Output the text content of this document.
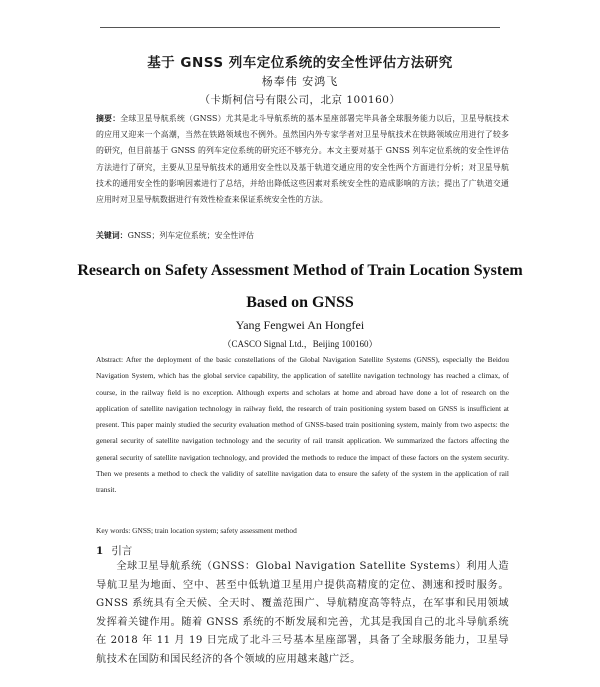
基于 GNSS 列车定位系统的安全性评估方法研究
杨奉伟 安鸿飞
（卡斯柯信号有限公司，北京 100160）
摘要：全球卫星导航系统（GNSS）尤其是北斗导航系统的基本星座部署完毕具备全球服务能力以后，卫星导航技术的应用又迎来一个高潮，当然在铁路领域也不例外。虽然国内外专家学者对卫星导航技术在铁路领域应用进行了较多的研究，但目前基于 GNSS 的列车定位系统的研究还不够充分。本文主要对基于 GNSS 列车定位系统的安全性评估方法进行了研究，主要从卫星导航技术的通用安全性以及基于轨道交通应用的安全性两个方面进行分析；对卫星导航技术的通用安全性的影响因素进行了总结，并给出降低这些因素对系统安全性的造成影响的方法；提出了广轨道交通应用时对卫星导航数据进行有效性检查来保证系统安全性的方法。
关键词：GNSS；列车定位系统；安全性评估
Research on Safety Assessment Method of Train Location System
Based on GNSS
Yang Fengwei An Hongfei
（CASCO Signal Ltd.，Beijing 100160）
Abstract: After the deployment of the basic constellations of the Global Navigation Satellite Systems (GNSS), especially the Beidou Navigation System, which has the global service capability, the application of satellite navigation technology has reached a climax, of course, in the railway field is no exception. Although experts and scholars at home and abroad have done a lot of research on the application of satellite navigation technology in railway field, the research of train positioning system based on GNSS is insufficient at present. This paper mainly studied the security evaluation method of GNSS-based train positioning system, mainly from two aspects: the general security of satellite navigation technology and the security of rail transit application. We summarized the factors affecting the general security of satellite navigation technology, and provided the methods to reduce the impact of these factors on the system security. Then we presents a method to check the validity of satellite navigation data to ensure the safety of the system in the application of rail transit.
Key words: GNSS; train location system; safety assessment method
1 引言
全球卫星导航系统（GNSS：Global Navigation Satellite Systems）利用人造导航卫星为地面、空中、甚至中低轨道卫星用户提供高精度的定位、测速和授时服务。GNSS 系统具有全天候、全天时、覆盖范围广、导航精度高等特点，在军事和民用领域发挥着关键作用。随着 GNSS 系统的不断发展和完善，尤其是我国自己的北斗导航系统在 2018 年 11 月 19 日完成了北斗三号基本星座部署，具备了全球服务能力，卫星导航技术在国防和国民经济的各个领域的应用越来越广泛。
